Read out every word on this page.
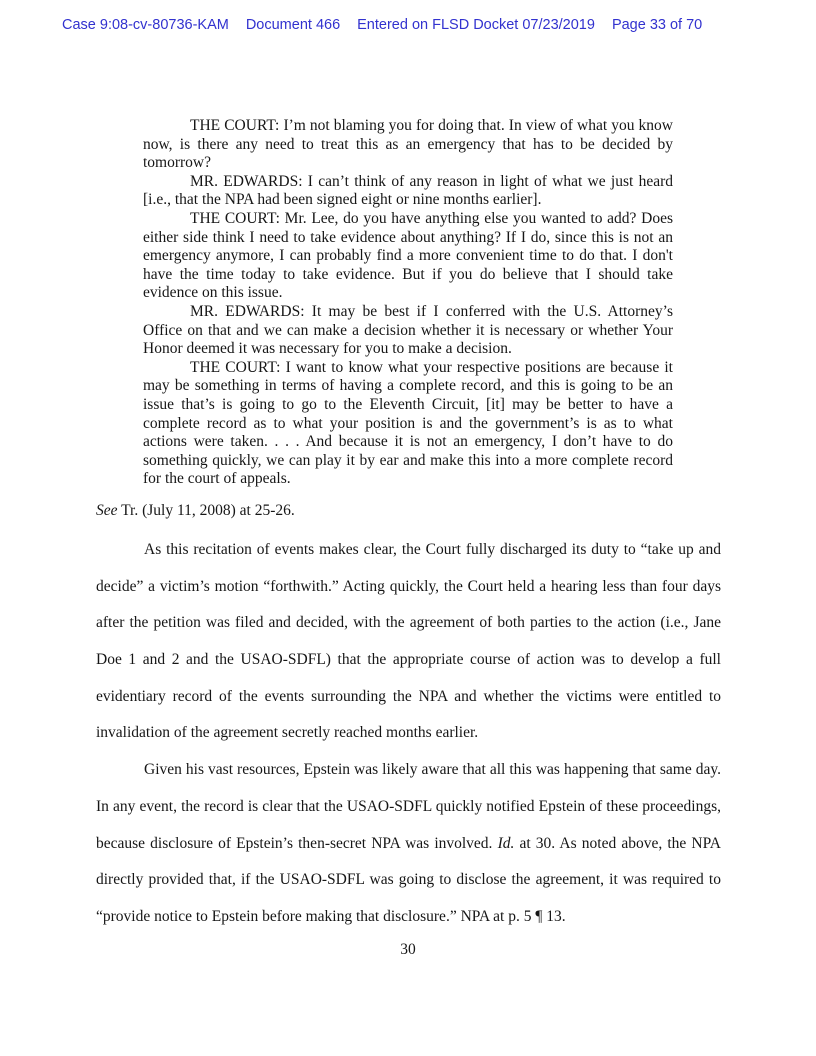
Case 9:08-cv-80736-KAM Document 466 Entered on FLSD Docket 07/23/2019 Page 33 of 70

THE COURT: I’m not blaming you for doing that. In view of what you know now, is there any need to treat this as an emergency that has to be decided by tomorrow?

MR. EDWARDS: I can’t think of any reason in light of what we just heard [i.e., that the NPA had been signed eight or nine months earlier].

THE COURT: Mr. Lee, do you have anything else you wanted to add? Does either side think I need to take evidence about anything? If I do, since this is not an emergency anymore, I can probably find a more convenient time to do that. I don't have the time today to take evidence. But if you do believe that I should take evidence on this issue.

MR. EDWARDS: It may be best if I conferred with the U.S. Attorney’s Office on that and we can make a decision whether it is necessary or whether Your Honor deemed it was necessary for you to make a decision.

THE COURT: I want to know what your respective positions are because it may be something in terms of having a complete record, and this is going to be an issue that’s is going to go to the Eleventh Circuit, [it] may be better to have a complete record as to what your position is and the government’s is as to what actions were taken. . . . And because it is not an emergency, I don’t have to do something quickly, we can play it by ear and make this into a more complete record for the court of appeals.

See Tr. (July 11, 2008) at 25-26.

As this recitation of events makes clear, the Court fully discharged its duty to “take up and decide” a victim’s motion “forthwith.” Acting quickly, the Court held a hearing less than four days after the petition was filed and decided, with the agreement of both parties to the action (i.e., Jane Doe 1 and 2 and the USAO-SDFL) that the appropriate course of action was to develop a full evidentiary record of the events surrounding the NPA and whether the victims were entitled to invalidation of the agreement secretly reached months earlier.

Given his vast resources, Epstein was likely aware that all this was happening that same day. In any event, the record is clear that the USAO-SDFL quickly notified Epstein of these proceedings, because disclosure of Epstein’s then-secret NPA was involved. Id. at 30. As noted above, the NPA directly provided that, if the USAO-SDFL was going to disclose the agreement, it was required to “provide notice to Epstein before making that disclosure.” NPA at p. 5 ¶ 13.

30
